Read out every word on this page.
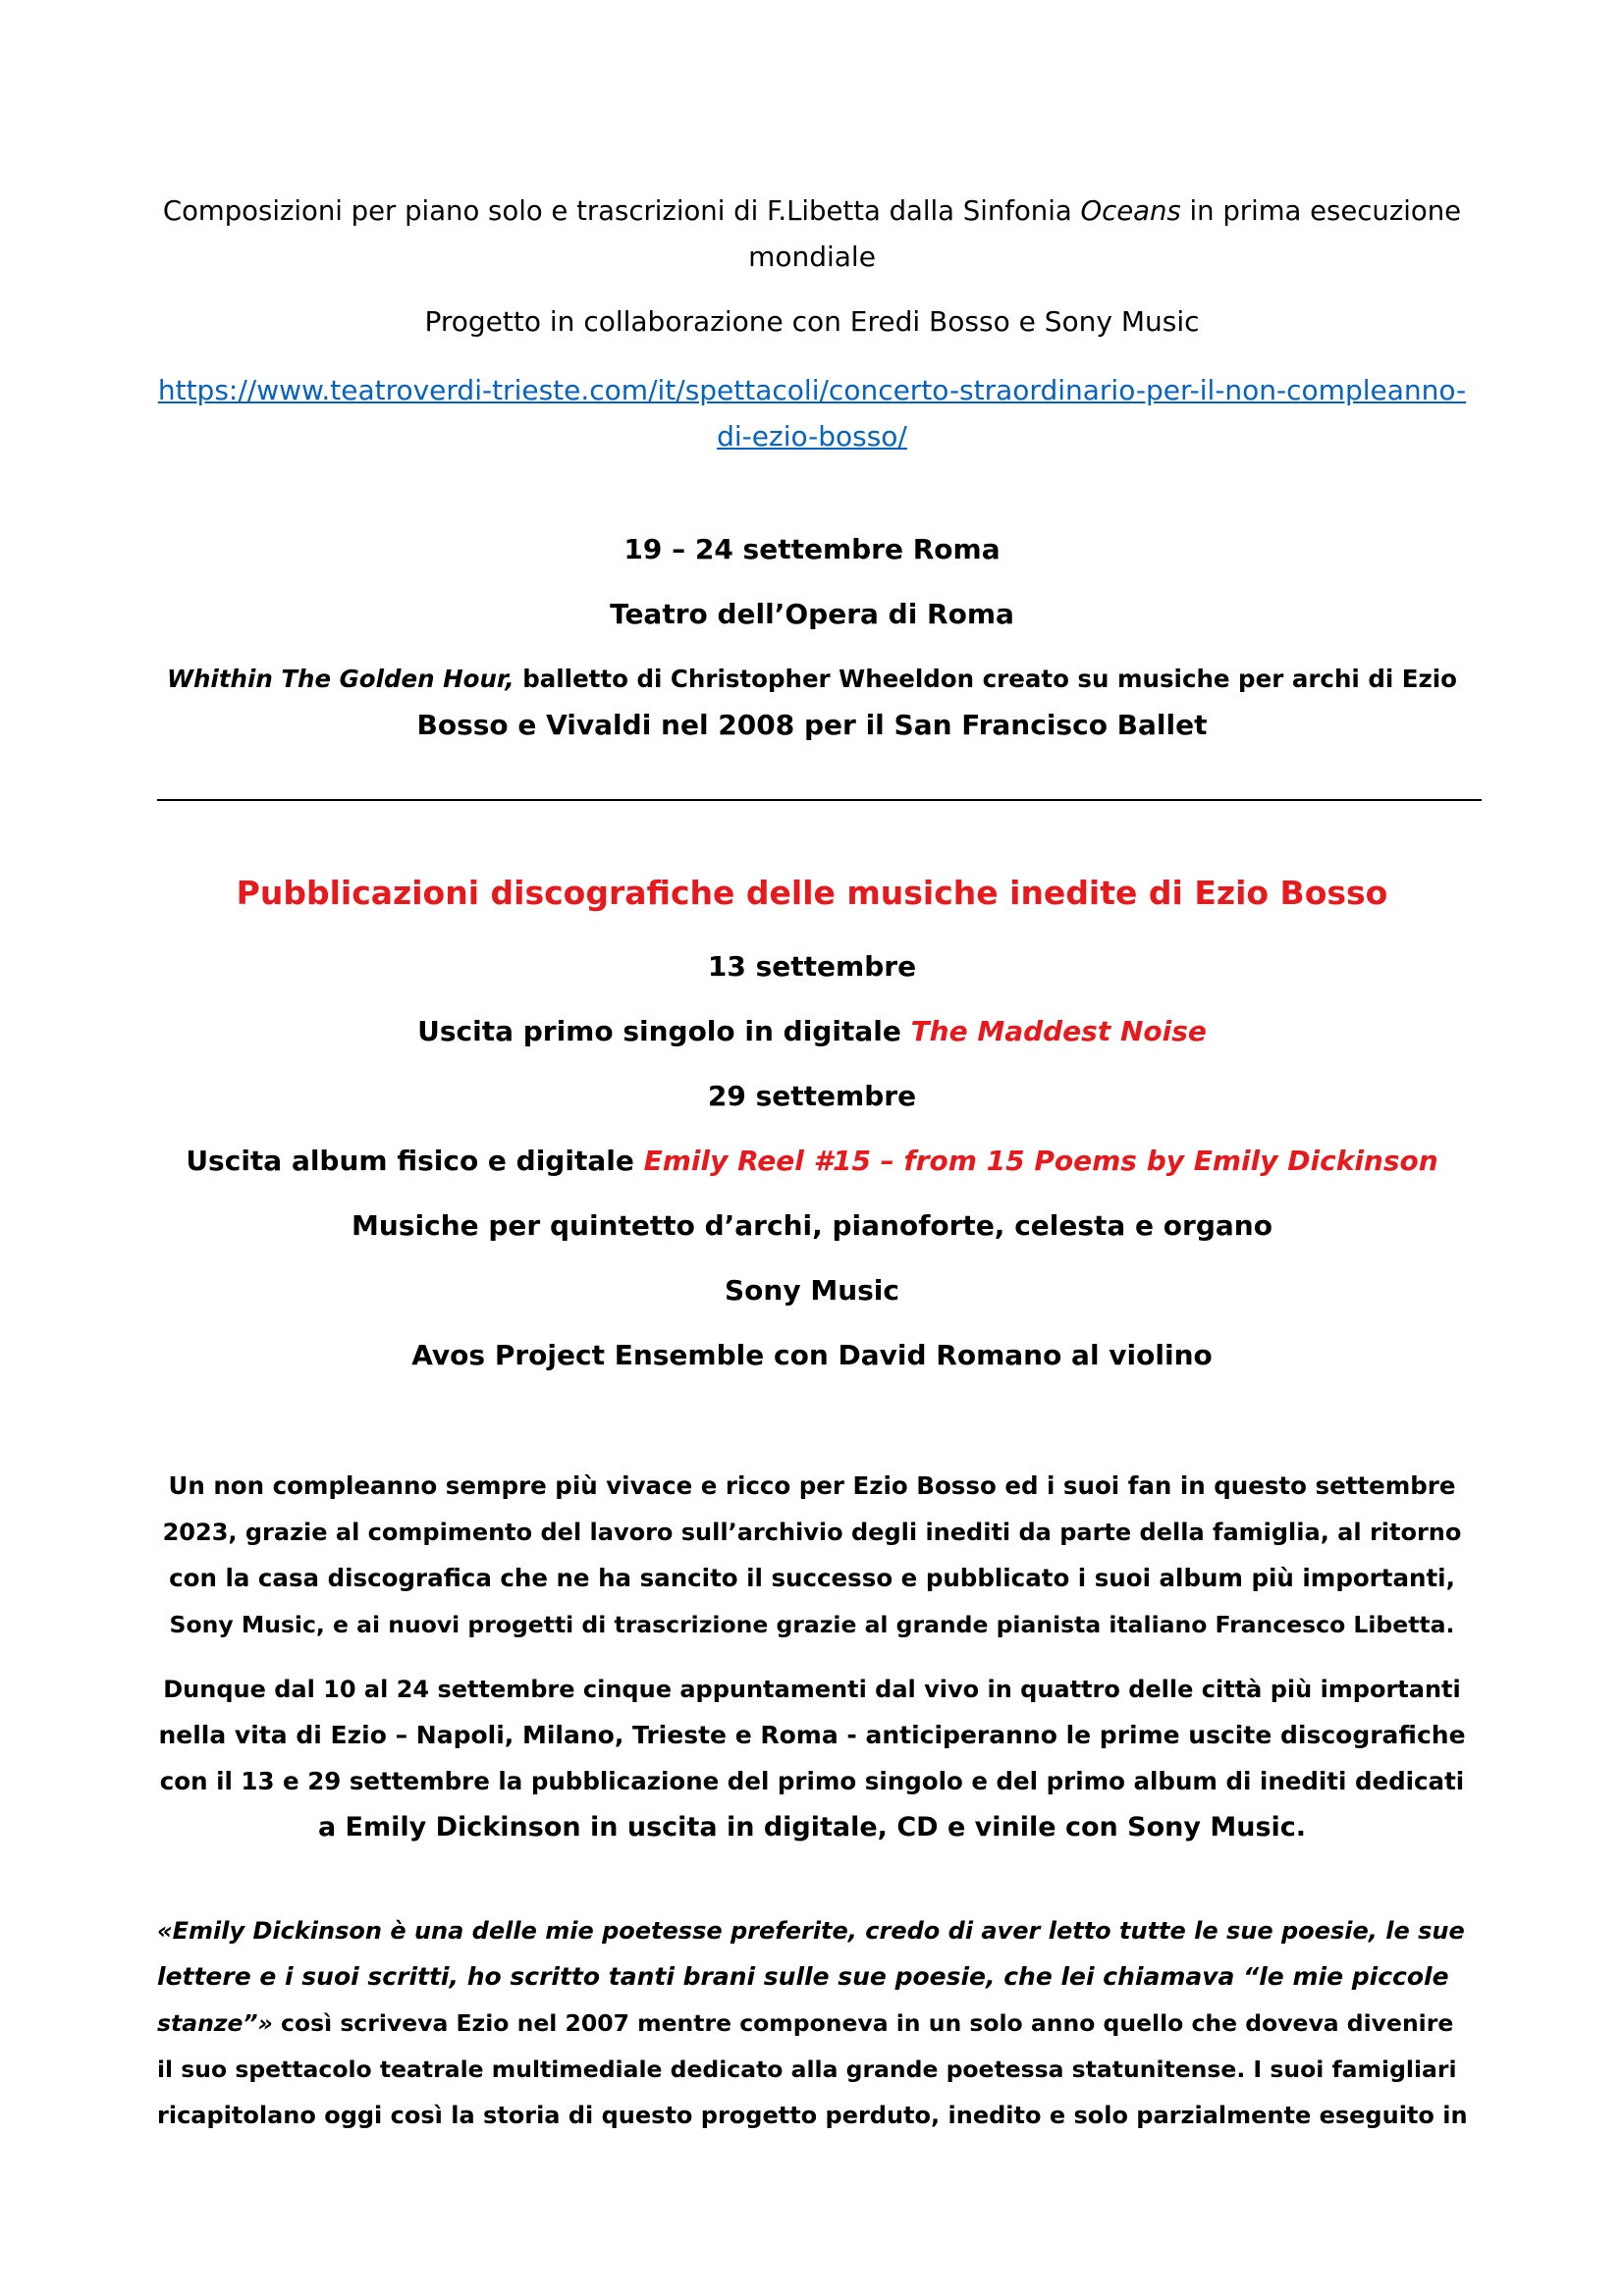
Composizioni per piano solo e trascrizioni di F.Libetta dalla Sinfonia Oceans in prima esecuzione
mondiale
Progetto in collaborazione con Eredi Bosso e Sony Music
https://www.teatroverdi-trieste.com/it/spettacoli/concerto-straordinario-per-il-non-compleanno-
di-ezio-bosso/
19 – 24 settembre Roma
Teatro dell’Opera di Roma
Whithin The Golden Hour, balletto di Christopher Wheeldon creato su musiche per archi di Ezio
Bosso e Vivaldi nel 2008 per il San Francisco Ballet
Pubblicazioni discografiche delle musiche inedite di Ezio Bosso
13 settembre
Uscita primo singolo in digitale The Maddest Noise
29 settembre
Uscita album fisico e digitale Emily Reel #15 – from 15 Poems by Emily Dickinson
Musiche per quintetto d’archi, pianoforte, celesta e organo
Sony Music
Avos Project Ensemble con David Romano al violino
Un non compleanno sempre più vivace e ricco per Ezio Bosso ed i suoi fan in questo settembre
2023, grazie al compimento del lavoro sull’archivio degli inediti da parte della famiglia, al ritorno
con la casa discografica che ne ha sancito il successo e pubblicato i suoi album più importanti,
Sony Music, e ai nuovi progetti di trascrizione grazie al grande pianista italiano Francesco Libetta.
Dunque dal 10 al 24 settembre cinque appuntamenti dal vivo in quattro delle città più importanti
nella vita di Ezio – Napoli, Milano, Trieste e Roma - anticiperanno le prime uscite discografiche
con il 13 e 29 settembre la pubblicazione del primo singolo e del primo album di inediti dedicati
a Emily Dickinson in uscita in digitale, CD e vinile con Sony Music.
«Emily Dickinson è una delle mie poetesse preferite, credo di aver letto tutte le sue poesie, le sue
lettere e i suoi scritti, ho scritto tanti brani sulle sue poesie, che lei chiamava “le mie piccole
stanze”» così scriveva Ezio nel 2007 mentre componeva in un solo anno quello che doveva divenire
il suo spettacolo teatrale multimediale dedicato alla grande poetessa statunitense. I suoi famigliari
ricapitolano oggi così la storia di questo progetto perduto, inedito e solo parzialmente eseguito in
